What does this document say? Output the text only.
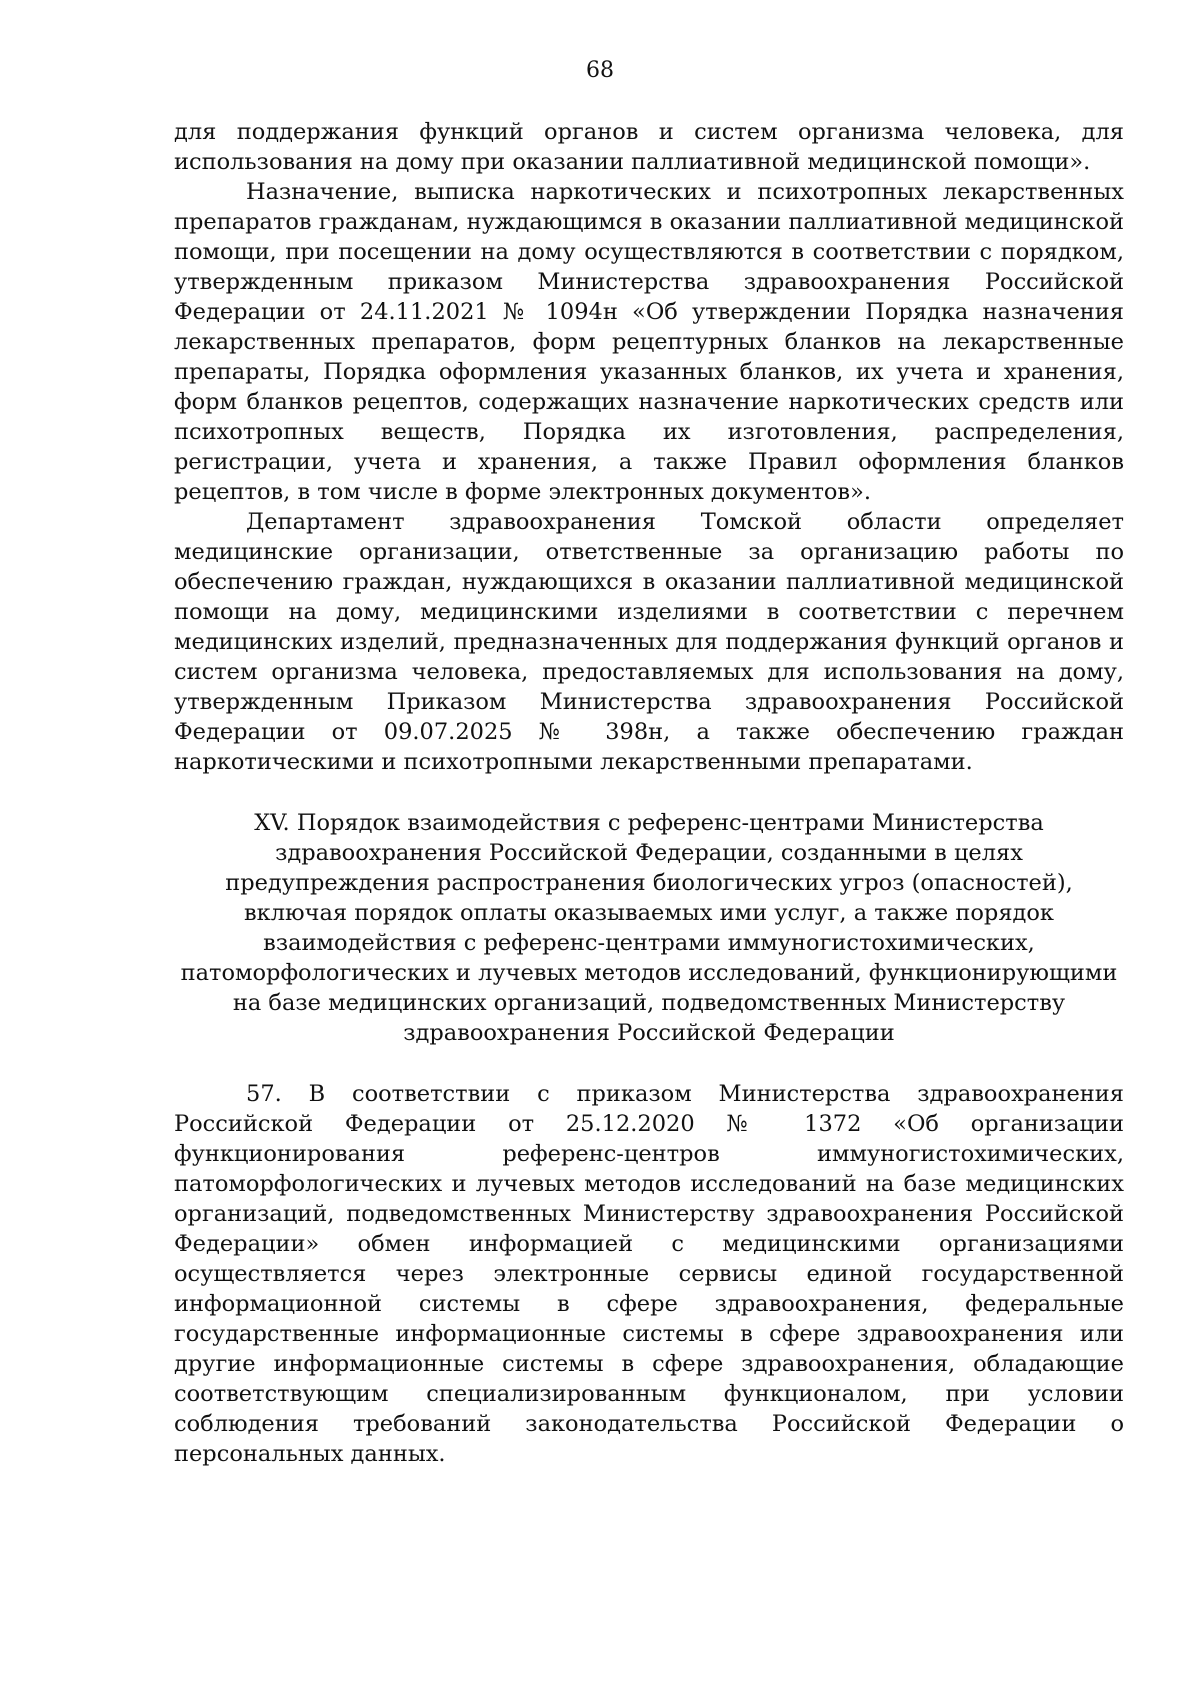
68

для поддержания функций органов и систем организма человека, для использования на дому при оказании паллиативной медицинской помощи».

Назначение, выписка наркотических и психотропных лекарственных препаратов гражданам, нуждающимся в оказании паллиативной медицинской помощи, при посещении на дому осуществляются в соответствии с порядком, утвержденным приказом Министерства здравоохранения Российской Федерации от 24.11.2021 № 1094н «Об утверждении Порядка назначения лекарственных препаратов, форм рецептурных бланков на лекарственные препараты, Порядка оформления указанных бланков, их учета и хранения, форм бланков рецептов, содержащих назначение наркотических средств или психотропных веществ, Порядка их изготовления, распределения, регистрации, учета и хранения, а также Правил оформления бланков рецептов, в том числе в форме электронных документов».

Департамент здравоохранения Томской области определяет медицинские организации, ответственные за организацию работы по обеспечению граждан, нуждающихся в оказании паллиативной медицинской помощи на дому, медицинскими изделиями в соответствии с перечнем медицинских изделий, предназначенных для поддержания функций органов и систем организма человека, предоставляемых для использования на дому, утвержденным Приказом Министерства здравоохранения Российской Федерации от 09.07.2025 № 398н, а также обеспечению граждан наркотическими и психотропными лекарственными препаратами.

XV. Порядок взаимодействия с референс-центрами Министерства здравоохранения Российской Федерации, созданными в целях предупреждения распространения биологических угроз (опасностей), включая порядок оплаты оказываемых ими услуг, а также порядок взаимодействия с референс-центрами иммуногистохимических, патоморфологических и лучевых методов исследований, функционирующими на базе медицинских организаций, подведомственных Министерству здравоохранения Российской Федерации

57. В соответствии с приказом Министерства здравоохранения Российской Федерации от 25.12.2020 № 1372 «Об организации функционирования референс-центров иммуногистохимических, патоморфологических и лучевых методов исследований на базе медицинских организаций, подведомственных Министерству здравоохранения Российской Федерации» обмен информацией с медицинскими организациями осуществляется через электронные сервисы единой государственной информационной системы в сфере здравоохранения, федеральные государственные информационные системы в сфере здравоохранения или другие информационные системы в сфере здравоохранения, обладающие соответствующим специализированным функционалом, при условии соблюдения требований законодательства Российской Федерации о персональных данных.
